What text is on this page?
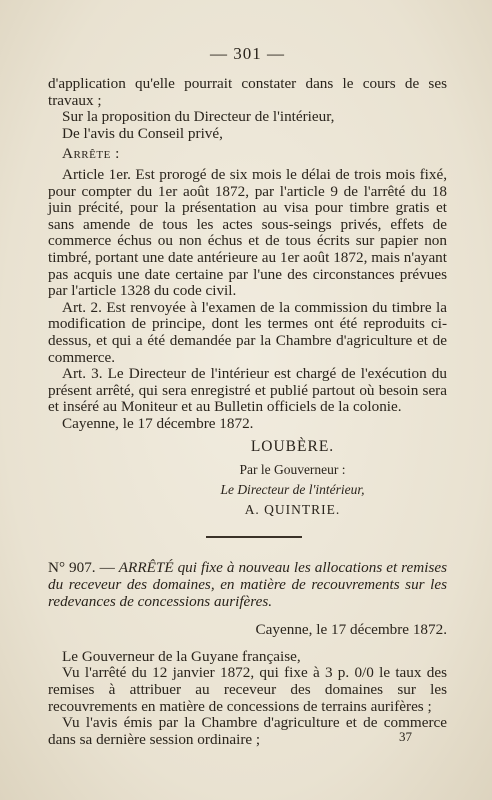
— 301 —

d'application qu'elle pourrait constater dans le cours de ses travaux ;

Sur la proposition du Directeur de l'intérieur,

De l'avis du Conseil privé,

Arrête :

Article 1er. Est prorogé de six mois le délai de trois mois fixé, pour compter du 1er août 1872, par l'article 9 de l'arrêté du 18 juin précité, pour la présentation au visa pour timbre gratis et sans amende de tous les actes sous-seings privés, effets de commerce échus ou non échus et de tous écrits sur papier non timbré, portant une date antérieure au 1er août 1872, mais n'ayant pas acquis une date certaine par l'une des circonstances prévues par l'article 1328 du code civil.

Art. 2. Est renvoyée à l'examen de la commission du timbre la modification de principe, dont les termes ont été reproduits ci-dessus, et qui a été demandée par la Chambre d'agriculture et de commerce.

Art. 3. Le Directeur de l'intérieur est chargé de l'exécution du présent arrêté, qui sera enregistré et publié partout où besoin sera et inséré au Moniteur et au Bulletin officiels de la colonie.

Cayenne, le 17 décembre 1872.

LOUBÈRE.
Par le Gouverneur :
Le Directeur de l'intérieur,
A. QUINTRIE.

N° 907. — ARRÊTÉ qui fixe à nouveau les allocations et remises du receveur des domaines, en matière de recouvrements sur les redevances de concessions aurifères.

Cayenne, le 17 décembre 1872.

Le Gouverneur de la Guyane française,

Vu l'arrêté du 12 janvier 1872, qui fixe à 3 p. 0/0 le taux des remises à attribuer au receveur des domaines sur les recouvrements en matière de concessions de terrains aurifères ;

Vu l'avis émis par la Chambre d'agriculture et de commerce dans sa dernière session ordinaire ;	37
